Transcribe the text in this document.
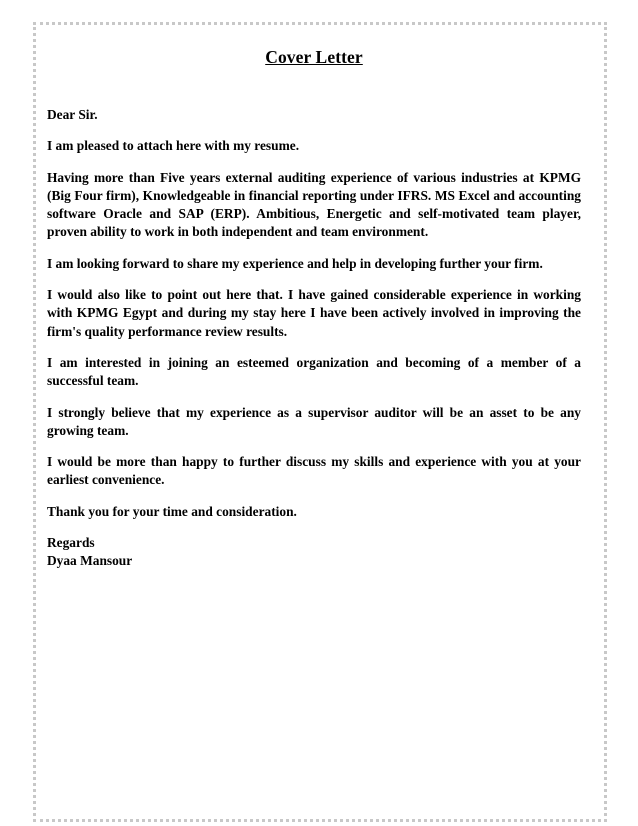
Cover Letter

Dear Sir.

I am pleased to attach here with my resume.

Having more than Five years external auditing experience of various industries at KPMG (Big Four firm), Knowledgeable in financial reporting under IFRS. MS Excel and accounting software Oracle and SAP (ERP). Ambitious, Energetic and self-motivated team player, proven ability to work in both independent and team environment.

I am looking forward to share my experience and help in developing further your firm.

I would also like to point out here that. I have gained considerable experience in working with KPMG Egypt and during my stay here I have been actively involved in improving the firm's quality performance review results.

I am interested in joining an esteemed organization and becoming of a member of a successful team.

I strongly believe that my experience as a supervisor auditor will be an asset to be any growing team.

I would be more than happy to further discuss my skills and experience with you at your earliest convenience.

Thank you for your time and consideration.

Regards
Dyaa Mansour
